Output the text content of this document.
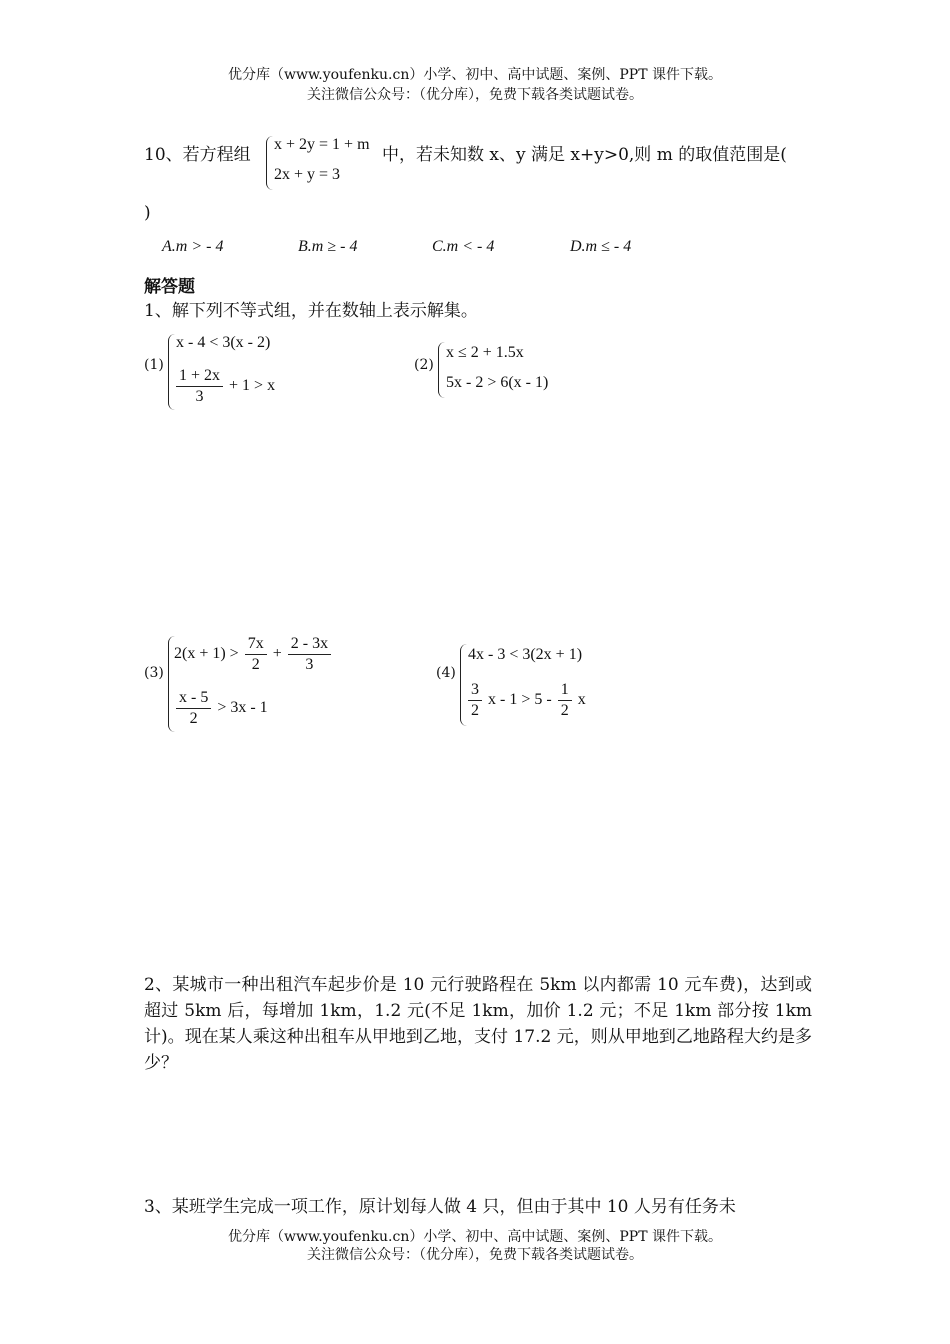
优分库（www.youfenku.cn）小学、初中、高中试题、案例、PPT 课件下载。
关注微信公众号：（优分库），免费下载各类试题试卷。
10、若方程组
x + 2y = 1 + m
2x + y = 3
中，若未知数 x、y 满足 x+y>0,则 m 的取值范围是(
)
A.m > - 4	B.m ≥ - 4	C.m < - 4	D.m ≤ - 4
解答题
1、解下列不等式组，并在数轴上表示解集。
(1)
x - 4 < 3(x - 2)
$\frac{1 + 2x}{3} + 1 > x$
(2)
x ≤ 2 + 1.5x
5x - 2 > 6(x - 1)
(3)
$2(x + 1) > \frac{7x}{2} + \frac{2 - 3x}{3}$
$\frac{x - 5}{2} > 3x - 1$
(4)
4x - 3 < 3(2x + 1)
$\frac{3}{2}$ $x - 1 > 5 - \frac{1}{2}$ x
2、某城市一种出租汽车起步价是 10 元行驶路程在 5km 以内都需 10 元车费)，达到或超过 5km 后，每增加 1km，1.2 元(不足 1km，加价 1.2 元；不足 1km 部分按 1km 计)。现在某人乘这种出租车从甲地到乙地，支付 17.2 元，则从甲地到乙地路程大约是多少？
3、某班学生完成一项工作，原计划每人做 4 只，但由于其中 10 人另有任务未
优分库（www.youfenku.cn）小学、初中、高中试题、案例、PPT 课件下载。
关注微信公众号：（优分库），免费下载各类试题试卷。
